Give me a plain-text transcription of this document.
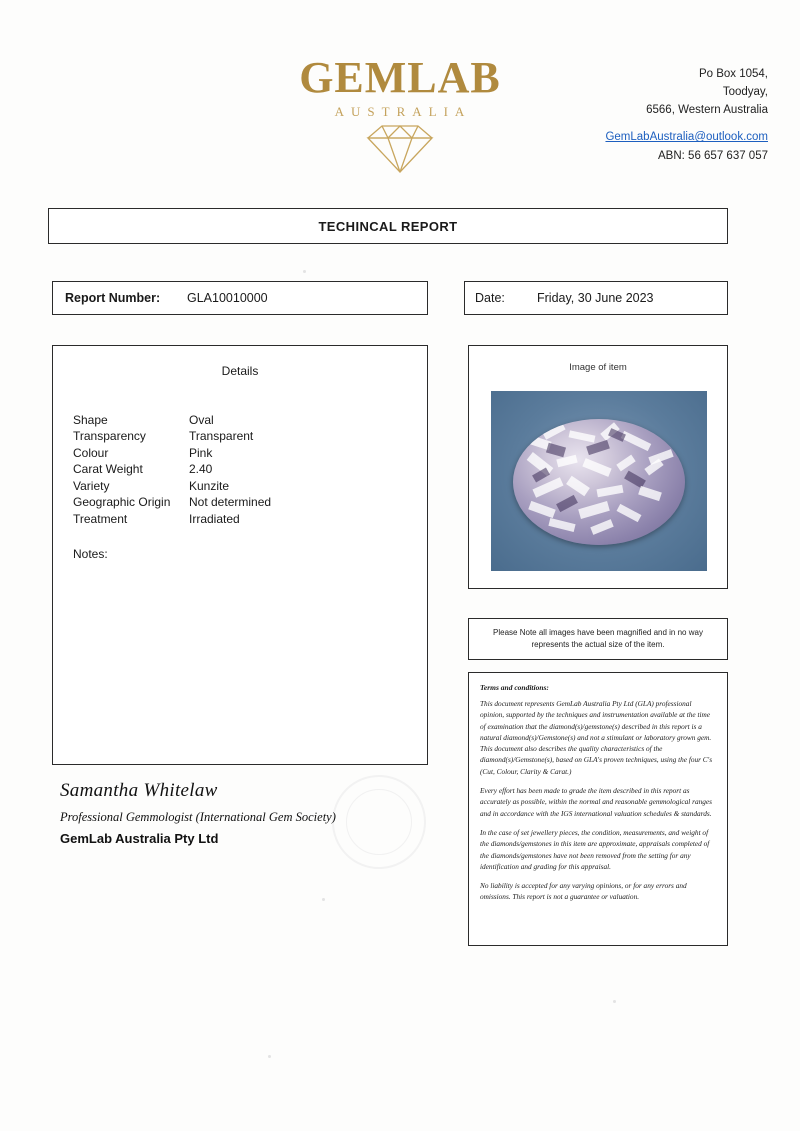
GEMLAB
AUSTRALIA
Po Box 1054,
Toodyay,
6566, Western Australia
GemLabAustralia@outlook.com
ABN: 56 657 637 057
TECHINCAL REPORT
Report Number:	GLA10010000	Date:	Friday, 30 June 2023
Details
Shape	Oval
Transparency	Transparent
Colour	Pink
Carat Weight	2.40
Variety	Kunzite
Geographic Origin	Not determined
Treatment	Irradiated
Notes:
Image of item
Please Note all images have been magnified and in no way represents the actual size of the item.
Terms and conditions:
This document represents GemLab Australia Pty Ltd (GLA) professional opinion, supported by the techniques and instrumentation available at the time of examination that the diamond(s)/gemstone(s) described in this report is a natural diamond(s)/Gemstone(s) and not a stimulant or laboratory grown gem. This document also describes the quality characteristics of the diamond(s)/Gemstone(s), based on GLA's proven techniques, using the four C's (Cut, Colour, Clarity & Carat.)
Every effort has been made to grade the item described in this report as accurately as possible, within the normal and reasonable gemmological ranges and in accordance with the IGS international valuation schedules & standards.
In the case of set jewellery pieces, the condition, measurements, and weight of the diamonds/gemstones in this item are approximate, appraisals completed of the diamonds/gemstones have not been removed from the setting for any identification and grading for this appraisal.
No liability is accepted for any varying opinions, or for any errors and omissions. This report is not a guarantee or valuation.
Samantha Whitelaw
Professional Gemmologist (International Gem Society)
GemLab Australia Pty Ltd
